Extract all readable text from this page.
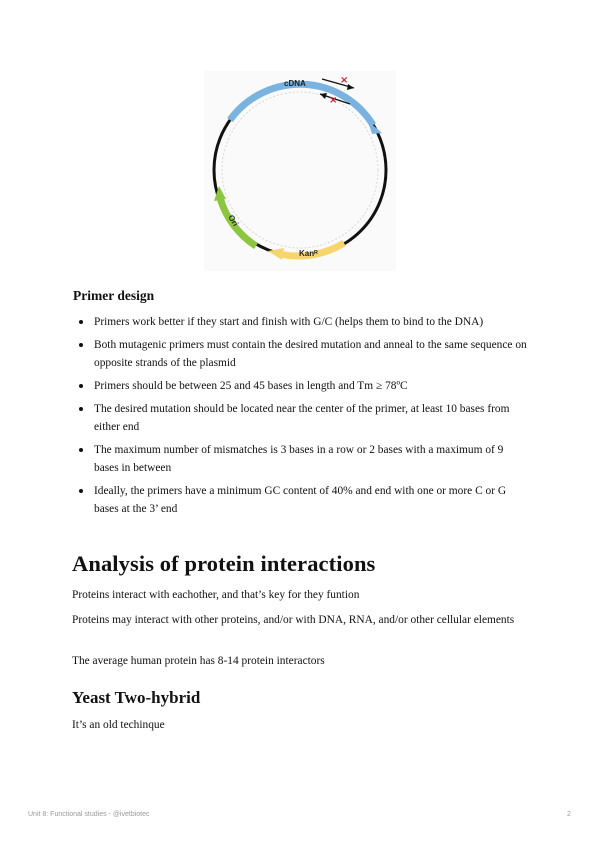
×
×
cDNA
Kanᴿ
Ori
Primer design
Primers work better if they start and finish with G/C (helps them to bind to the DNA)
Both mutagenic primers must contain the desired mutation and anneal to the same sequence on opposite strands of the plasmid
Primers should be between 25 and 45 bases in length and Tm ≥ 78ºC
The desired mutation should be located near the center of the primer, at least 10 bases from either end
The maximum number of mismatches is 3 bases in a row or 2 bases with a maximum of 9 bases in between
Ideally, the primers have a minimum GC content of 40% and end with one or more C or G bases at the 3’ end
Analysis of protein interactions
Proteins interact with eachother, and that’s key for they funtion
Proteins may interact with other proteins, and/or with DNA, RNA, and/or other cellular elements
The average human protein has 8-14 protein interactors
Yeast Two-hybrid
It’s an old techinque
Unit 8: Functional studies - @ivetbiotec	2
